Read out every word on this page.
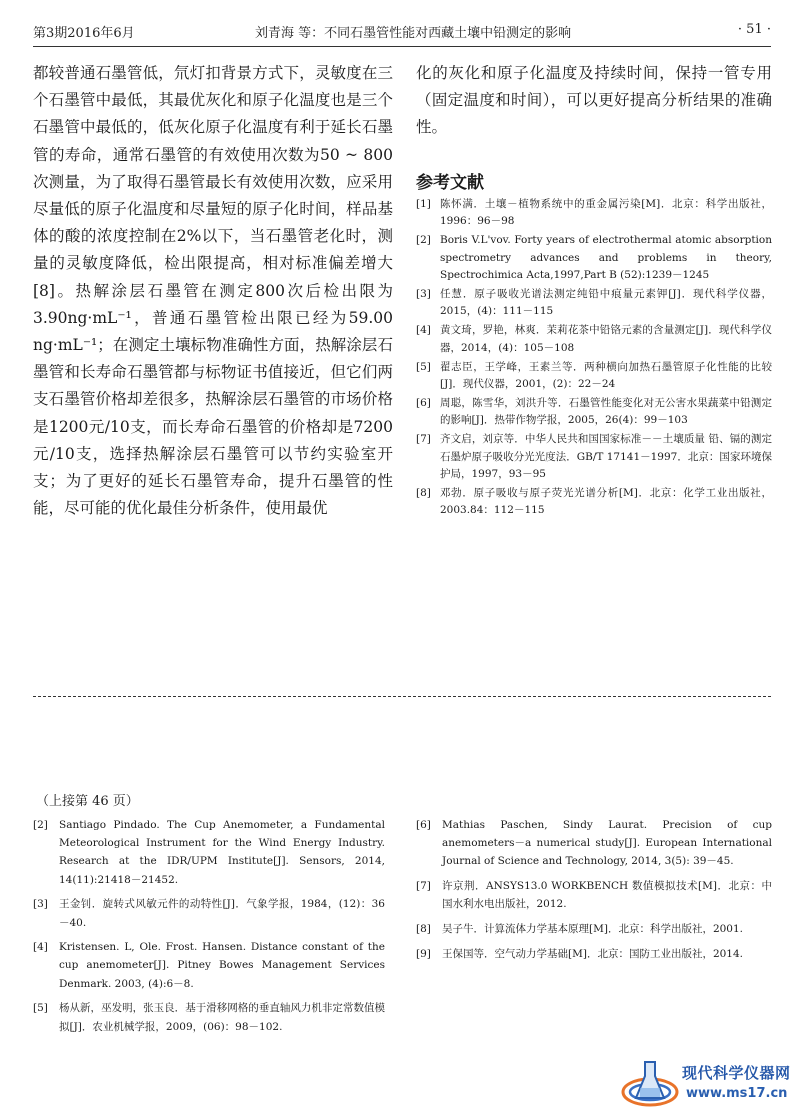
第3期2016年6月	刘青海 等：不同石墨管性能对西藏土壤中铅测定的影响	· 51 ·

都较普通石墨管低，氘灯扣背景方式下，灵敏度在三个石墨管中最低，其最优灰化和原子化温度也是三个石墨管中最低的，低灰化原子化温度有利于延长石墨管的寿命，通常石墨管的有效使用次数为50 ~ 800次测量，为了取得石墨管最长有效使用次数，应采用尽量低的原子化温度和尽量短的原子化时间，样品基体的酸的浓度控制在2%以下，当石墨管老化时，测量的灵敏度降低，检出限提高，相对标准偏差增大[8]。热解涂层石墨管在测定800次后检出限为3.90ng·mL⁻¹，普通石墨管检出限已经为59.00 ng·mL⁻¹；在测定土壤标物准确性方面，热解涂层石墨管和长寿命石墨管都与标物证书值接近，但它们两支石墨管价格却差很多，热解涂层石墨管的市场价格是1200元/10支，而长寿命石墨管的价格却是7200元/10支，选择热解涂层石墨管可以节约实验室开支；为了更好的延长石墨管寿命，提升石墨管的性能，尽可能的优化最佳分析条件，使用最优

化的灰化和原子化温度及持续时间，保持一管专用（固定温度和时间），可以更好提高分析结果的准确性。

参考文献
[1] 陈怀满．土壤－植物系统中的重金属污染[M]．北京：科学出版社，1996：96－98
[2] Boris V.L'vov. Forty years of electrothermal atomic absorption spectrometry advances and problems in theory, Spectrochimica Acta,1997,Part B (52):1239－1245
[3] 任慧．原子吸收光谱法测定纯铅中痕量元素钾[J]．现代科学仪器，2015，(4)：111－115
[4] 黄文琦，罗艳，林爽．茉莉花茶中铅铬元素的含量测定[J]．现代科学仪器，2014，(4)：105－108
[5] 翟志臣，王学峰，王素兰等．两种横向加热石墨管原子化性能的比较[J]．现代仪器，2001，(2)：22－24
[6] 周聪，陈雪华，刘洪升等．石墨管性能变化对无公害水果蔬菜中铅测定的影响[J]．热带作物学报，2005，26(4)：99－103
[7] 齐文启，刘京等．中华人民共和国国家标准－－土壤质量 铅、镉的测定石墨炉原子吸收分光光度法．GB/T 17141－1997．北京：国家环境保护局，1997，93－95
[8] 邓勃．原子吸收与原子荧光光谱分析[M]．北京：化学工业出版社，2003.84：112－115
（上接第 46 页）
[2]	Santiago Pindado. The Cup Anemometer, a Fundamental Meteorological Instrument for the Wind Energy Industry. Research at the IDR/UPM Institute[J]. Sensors, 2014, 14(11):21418－21452.
[3]	王金钊．旋转式风敏元件的动特性[J]．气象学报，1984，(12)：36－40.
[4]	Kristensen. L, Ole. Frost. Hansen. Distance constant of the cup anemometer[J]. Pitney Bowes Management Services Denmark. 2003, (4):6－8.
[5]	杨从新，巫发明，张玉良．基于滑移网格的垂直轴风力机非定常数值模拟[J]．农业机械学报，2009，(06)：98－102.
[6]	Mathias Paschen, Sindy Laurat. Precision of cup anemometers－a numerical study[J]. European International Journal of Science and Technology, 2014, 3(5): 39－45.
[7]	许京荆．ANSYS13.0 WORKBENCH 数值模拟技术[M]．北京：中国水利水电出版社，2012.
[8]	吴子牛．计算流体力学基本原理[M]．北京：科学出版社，2001.
[9]	王保国等．空气动力学基础[M]．北京：国防工业出版社，2014.
现代科学仪器网
www.ms17.cn
